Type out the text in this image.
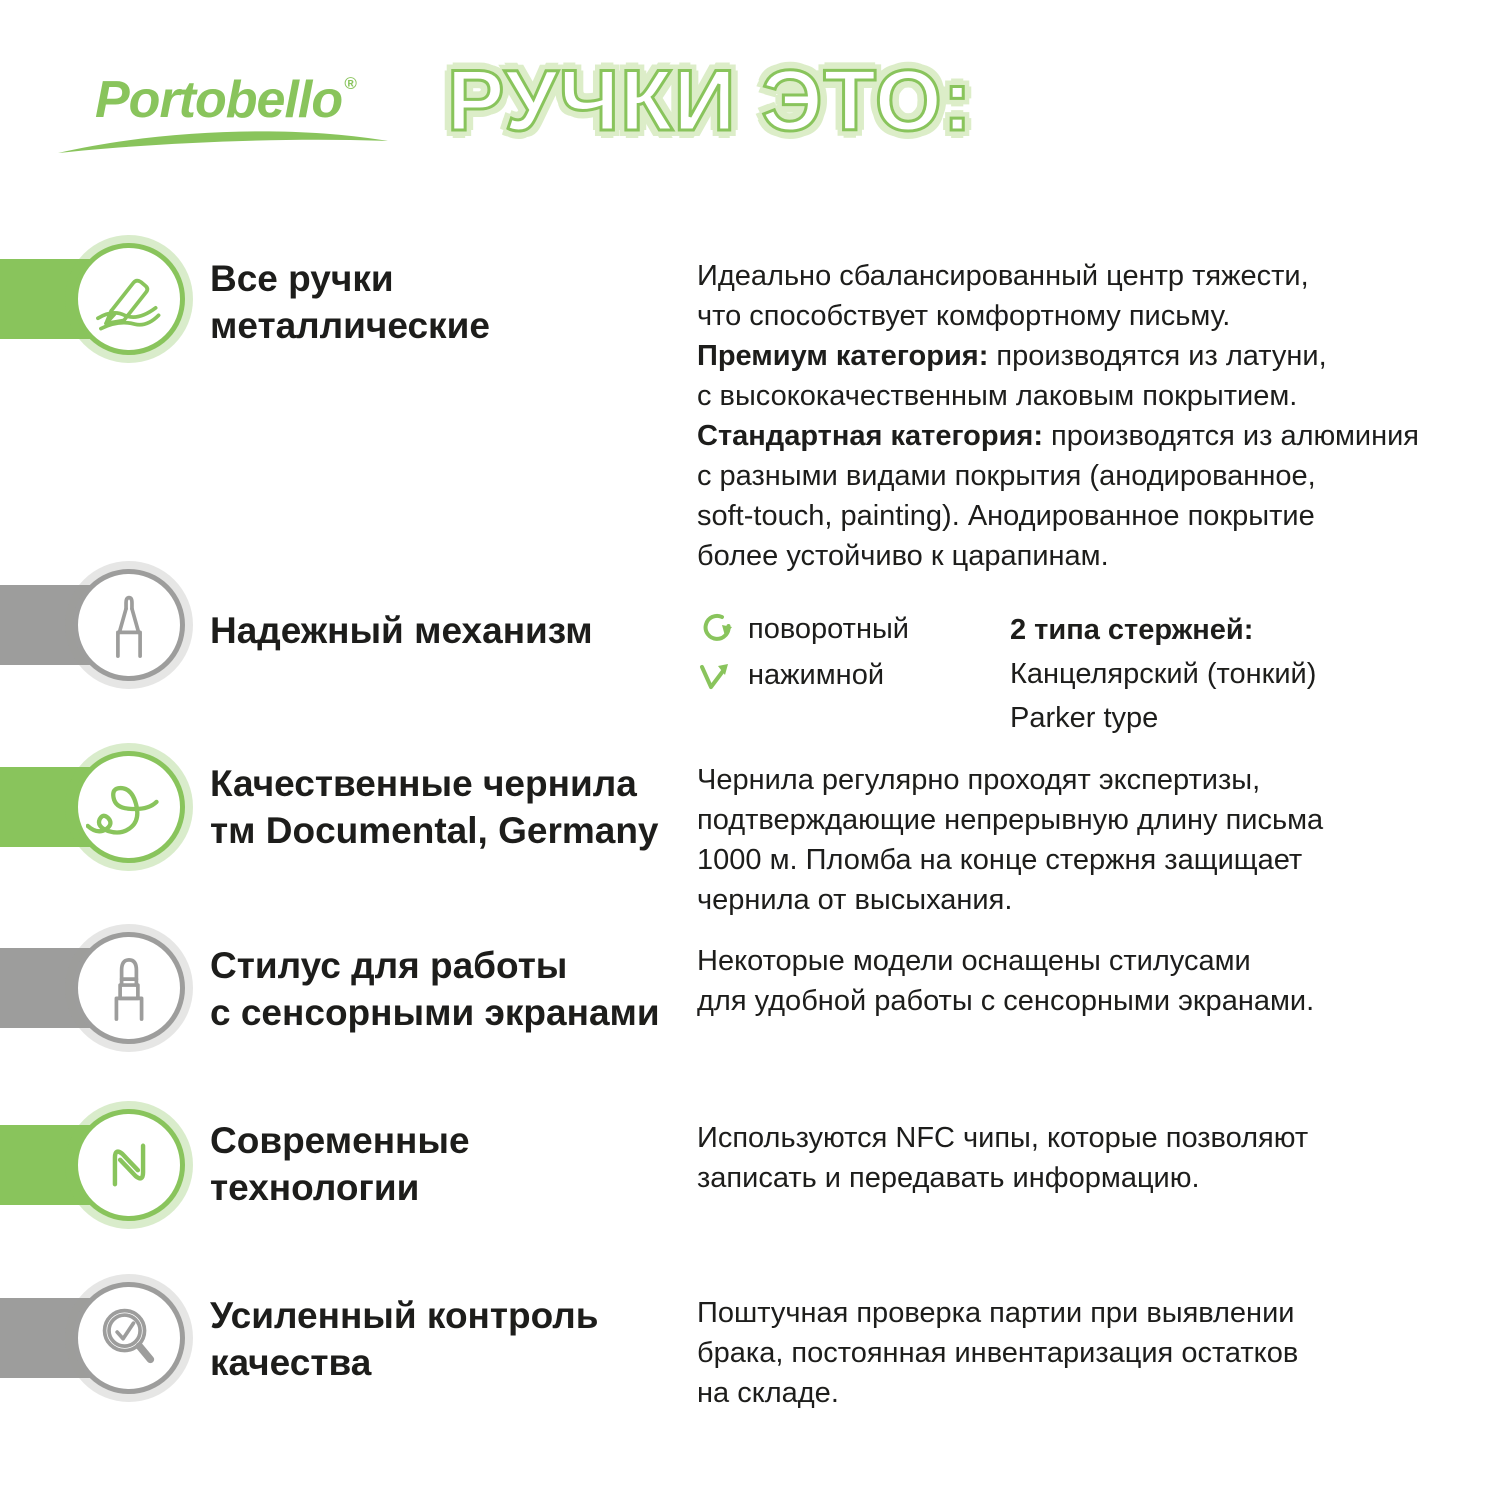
Portobello ® РУЧКИ ЭТО:
Все ручки
металлические
Идеально сбалансированный центр тяжести,
что способствует комфортному письму.
Премиум категория: производятся из латуни,
с высококачественным лаковым покрытием.
Стандартная категория: производятся из алюминия
с разными видами покрытия (анодированное,
soft-touch, painting). Анодированное покрытие
более устойчиво к царапинам.
Надежный механизм	поворотный
нажимной
2 типа стержней:
Канцелярский (тонкий)
Parker type
Качественные чернила
тм Documental, Germany
Чернила регулярно проходят экспертизы,
подтверждающие непрерывную длину письма
1000 м. Пломба на конце стержня защищает
чернила от высыхания.
Стилус для работы
с сенсорными экранами
Некоторые модели оснащены стилусами
для удобной работы с сенсорными экранами.
Современные
технологии
Используются NFC чипы, которые позволяют
записать и передавать информацию.
Усиленный контроль
качества
Поштучная проверка партии при выявлении
брака, постоянная инвентаризация остатков
на складе.
